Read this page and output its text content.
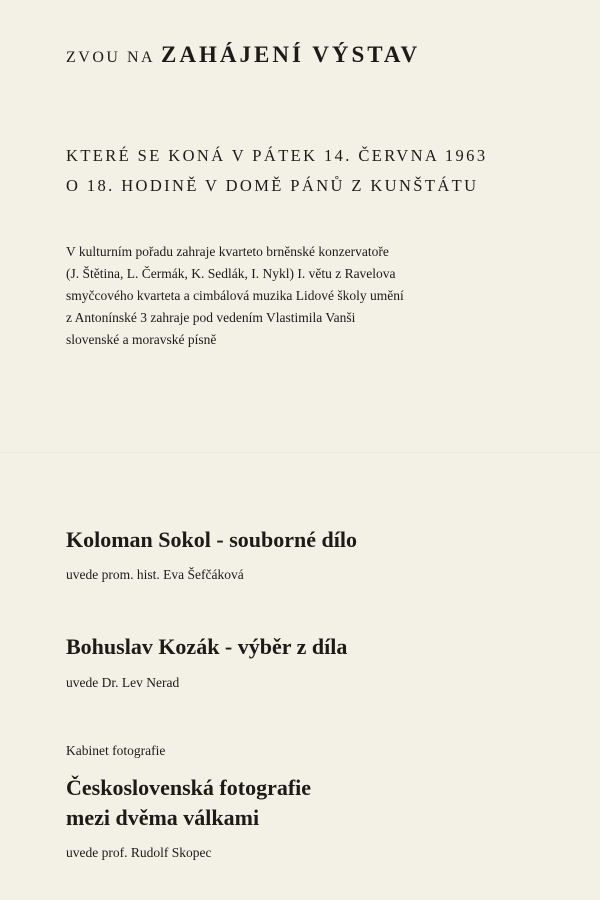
ZVOU NA ZAHÁJENÍ VÝSTAV
KTERÉ SE KONÁ V PÁTEK 14. ČERVNA 1963
O 18. HODINĚ V DOMĚ PÁNŮ Z KUNŠTÁTU
V kulturním pořadu zahraje kvarteto brněnské konzervatoře
(J. Štětina, L. Čermák, K. Sedlák, I. Nykl) I. větu z Ravelova
smyčcového kvarteta a cimbálová muzika Lidové školy umění
z Antonínské 3 zahraje pod vedením Vlastimila Vanši
slovenské a moravské písně
Koloman Sokol - souborné dílo
uvede prom. hist. Eva Šefčáková
Bohuslav Kozák - výběr z díla
uvede Dr. Lev Nerad
Kabinet fotografie
Československá fotografie
mezi dvěma válkami
uvede prof. Rudolf Skopec
